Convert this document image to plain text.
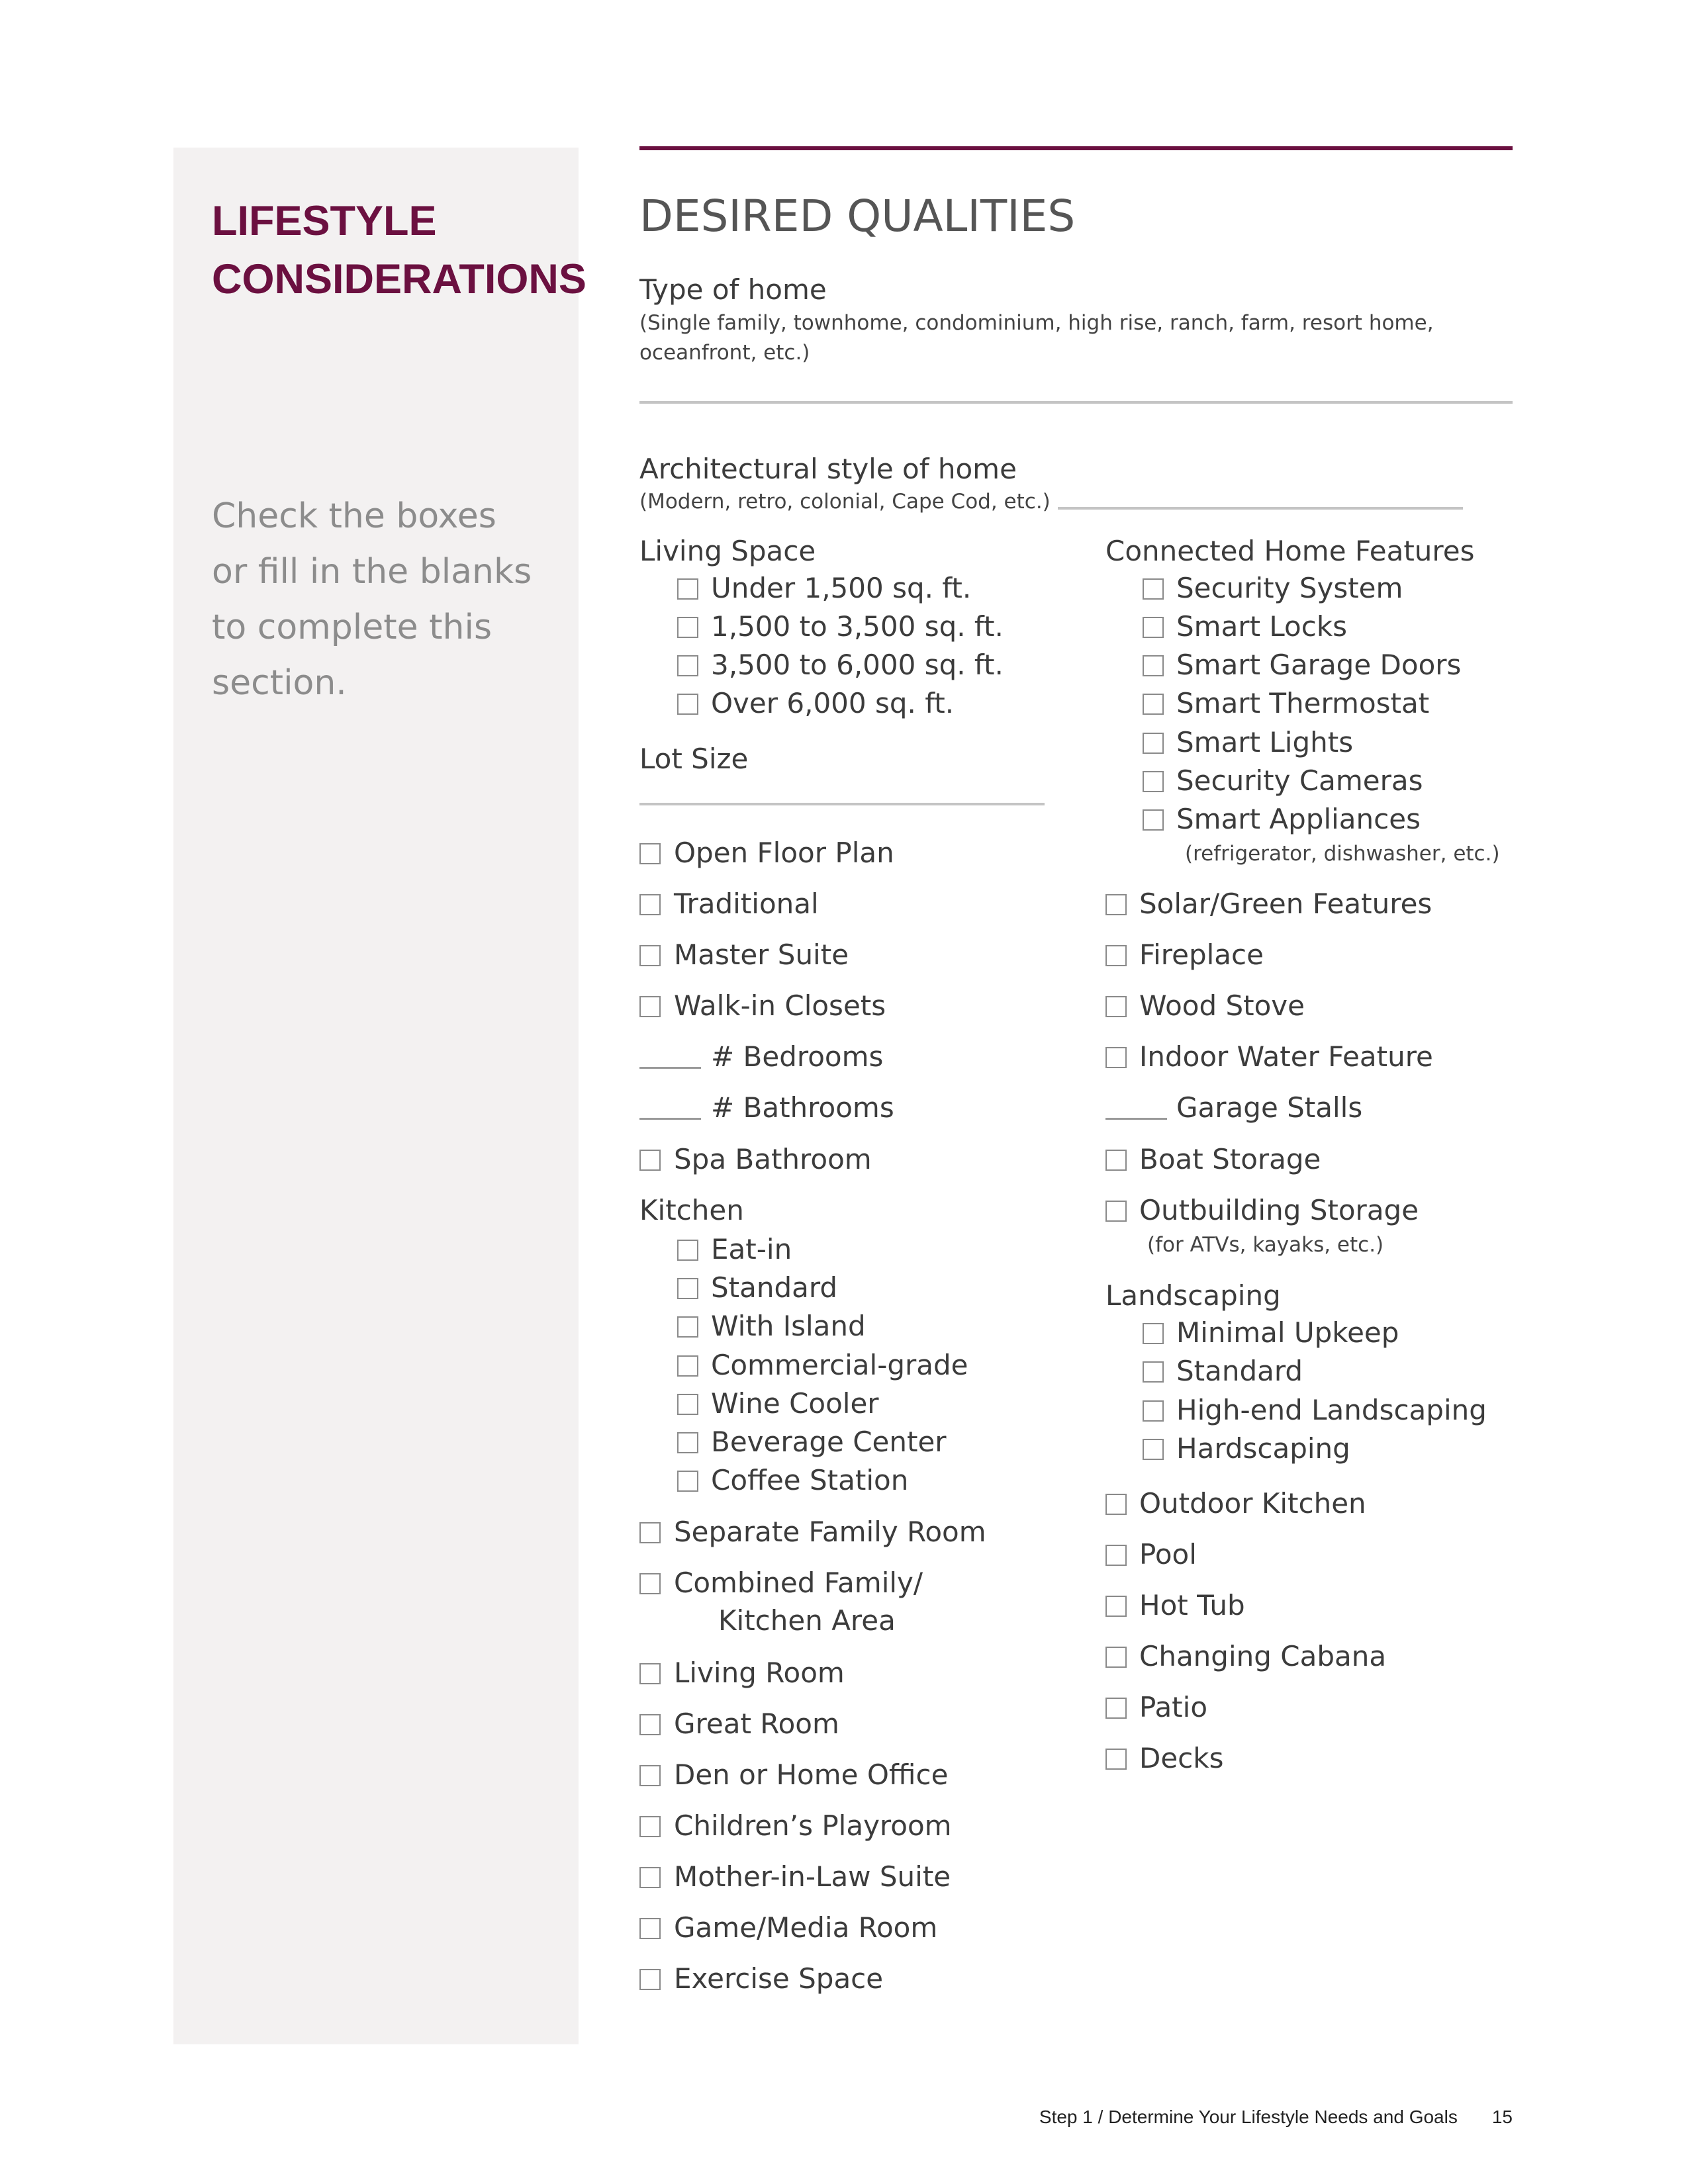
LIFESTYLE
CONSIDERATIONS
Check the boxes
or fill in the blanks
to complete this
section.
DESIRED QUALITIES
Type of home
(Single family, townhome, condominium, high rise, ranch, farm, resort home,
oceanfront, etc.)
Architectural style of home
(Modern, retro, colonial, Cape Cod, etc.)
Living Space
Under 1,500 sq. ft.
1,500 to 3,500 sq. ft.
3,500 to 6,000 sq. ft.
Over 6,000 sq. ft.
Lot Size
Open Floor Plan
Traditional
Master Suite
Walk-in Closets
# Bedrooms
# Bathrooms
Spa Bathroom
Kitchen
Eat-in
Standard
With Island
Commercial-grade
Wine Cooler
Beverage Center
Coffee Station
Separate Family Room
Combined Family/
Kitchen Area
Living Room
Great Room
Den or Home Office
Children’s Playroom
Mother-in-Law Suite
Game/Media Room
Exercise Space
Connected Home Features
Security System
Smart Locks
Smart Garage Doors
Smart Thermostat
Smart Lights
Security Cameras
Smart Appliances
(refrigerator, dishwasher, etc.)
Solar/Green Features
Fireplace
Wood Stove
Indoor Water Feature
Garage Stalls
Boat Storage
Outbuilding Storage
(for ATVs, kayaks, etc.)
Landscaping
Minimal Upkeep
Standard
High-end Landscaping
Hardscaping
Outdoor Kitchen
Pool
Hot Tub
Changing Cabana
Patio
Decks
Step 1 / Determine Your Lifestyle Needs and Goals 15
